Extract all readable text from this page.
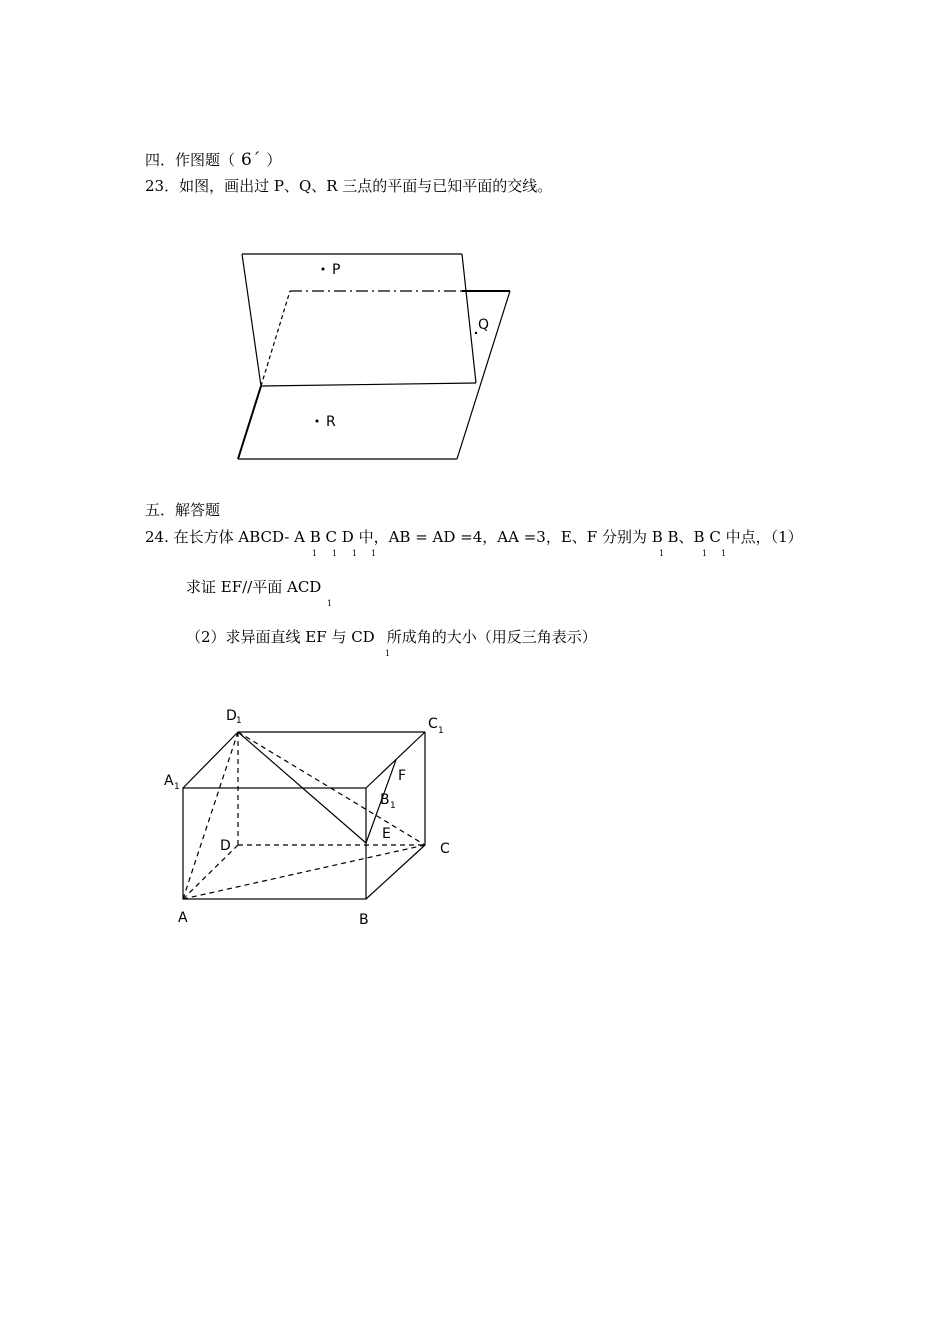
四．作图题（ 6´ ）
23．如图，画出过 P、Q、R 三点的平面与已知平面的交线。
P
Q
R
五．解答题
24. 在长方体 ABCD- A B C D 中，AB = AD =4，AA =3，E、F 分别为 B B、B C 中点，（1）
1 1 1 1	1	1 1
求证 EF//平面 ACD
1
（2）求异面直线 EF 与 CD 所成角的大小（用反三角表示）
1
D 1	C 1
A 1
B 1
F
E
D	C
A	B
